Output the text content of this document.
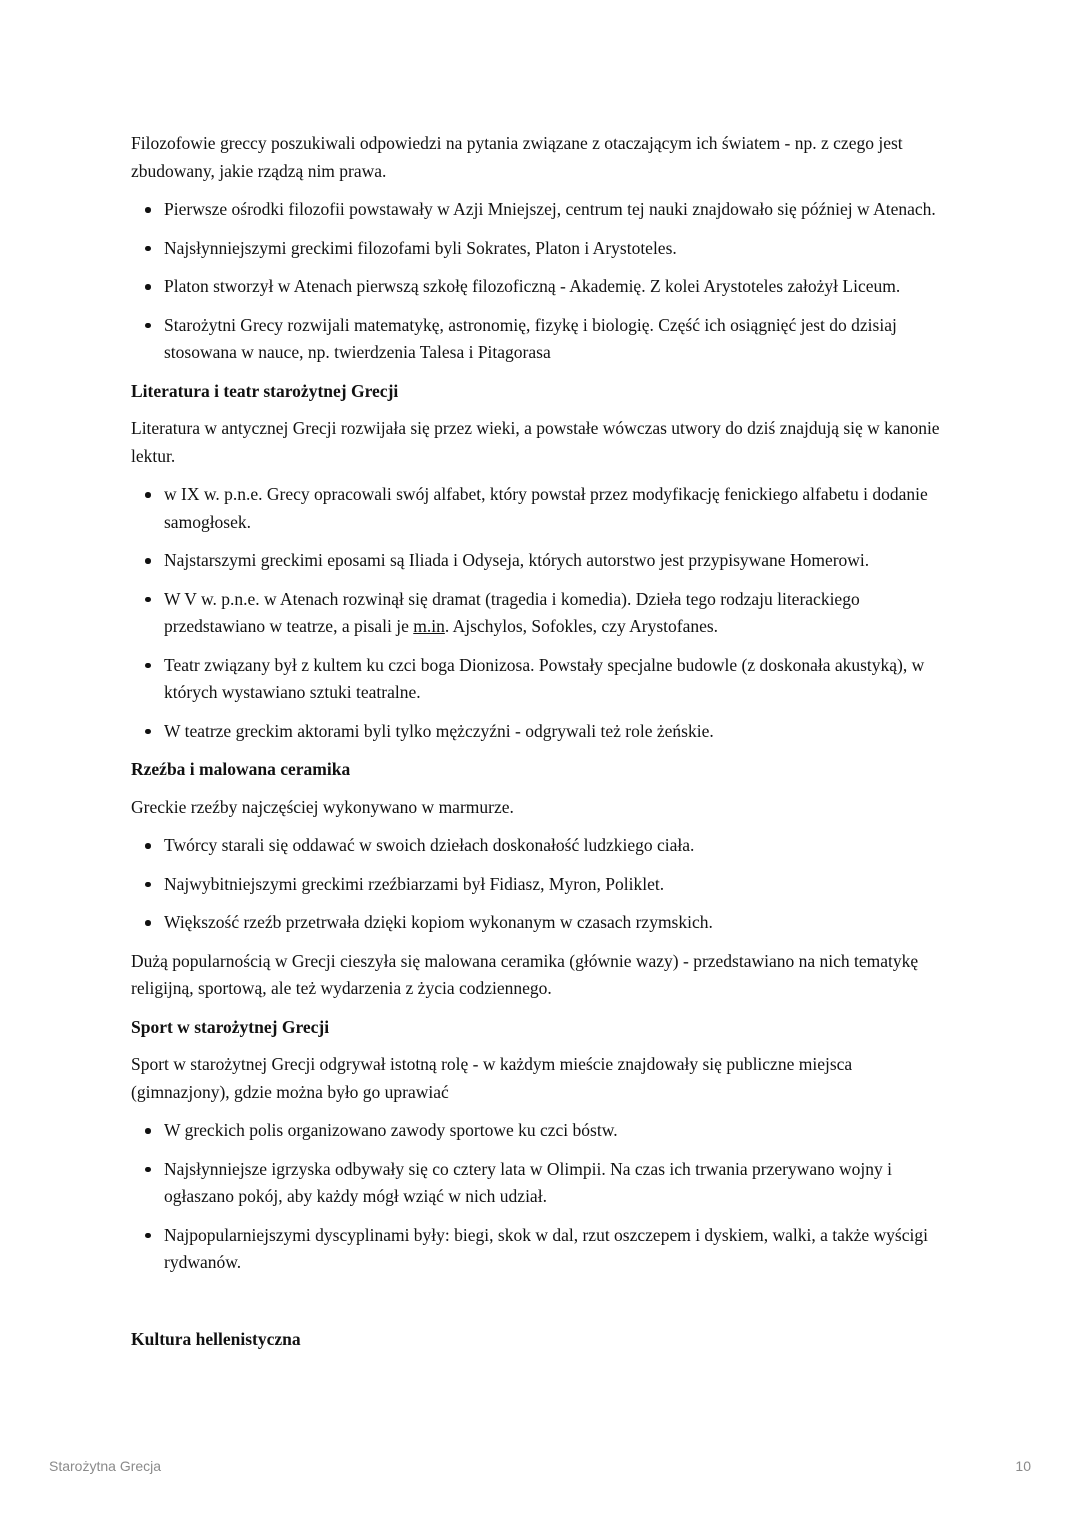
Filozofowie greccy poszukiwali odpowiedzi na pytania związane z otaczającym ich światem - np. z czego jest zbudowany, jakie rządzą nim prawa.

Pierwsze ośrodki filozofii powstawały w Azji Mniejszej, centrum tej nauki znajdowało się później w Atenach.
Najsłynniejszymi greckimi filozofami byli Sokrates, Platon i Arystoteles.
Platon stworzył w Atenach pierwszą szkołę filozoficzną - Akademię. Z kolei Arystoteles założył Liceum.
Starożytni Grecy rozwijali matematykę, astronomię, fizykę i biologię. Część ich osiągnięć jest do dzisiaj stosowana w nauce, np. twierdzenia Talesa i Pitagorasa
Literatura i teatr starożytnej Grecji

Literatura w antycznej Grecji rozwijała się przez wieki, a powstałe wówczas utwory do dziś znajdują się w kanonie lektur.

w IX w. p.n.e. Grecy opracowali swój alfabet, który powstał przez modyfikację fenickiego alfabetu i dodanie samogłosek.
Najstarszymi greckimi eposami są Iliada i Odyseja, których autorstwo jest przypisywane Homerowi.
W V w. p.n.e. w Atenach rozwinął się dramat (tragedia i komedia). Dzieła tego rodzaju literackiego przedstawiano w teatrze, a pisali je m.in. Ajschylos, Sofokles, czy Arystofanes.
Teatr związany był z kultem ku czci boga Dionizosa. Powstały specjalne budowle (z doskonała akustyką), w których wystawiano sztuki teatralne.
W teatrze greckim aktorami byli tylko mężczyźni - odgrywali też role żeńskie.
Rzeźba i malowana ceramika

Greckie rzeźby najczęściej wykonywano w marmurze.

Twórcy starali się oddawać w swoich dziełach doskonałość ludzkiego ciała.
Najwybitniejszymi greckimi rzeźbiarzami był Fidiasz, Myron, Poliklet.
Większość rzeźb przetrwała dzięki kopiom wykonanym w czasach rzymskich.

Dużą popularnością w Grecji cieszyła się malowana ceramika (głównie wazy) - przedstawiano na nich tematykę religijną, sportową, ale też wydarzenia z życia codziennego.

Sport w starożytnej Grecji

Sport w starożytnej Grecji odgrywał istotną rolę - w każdym mieście znajdowały się publiczne miejsca (gimnazjony), gdzie można było go uprawiać

W greckich polis organizowano zawody sportowe ku czci bóstw.
Najsłynniejsze igrzyska odbywały się co cztery lata w Olimpii. Na czas ich trwania przerywano wojny i ogłaszano pokój, aby każdy mógł wziąć w nich udział.
Najpopularniejszymi dyscyplinami były: biegi, skok w dal, rzut oszczepem i dyskiem, walki, a także wyścigi rydwanów.
Kultura hellenistyczna
Starożytna Grecja	10
